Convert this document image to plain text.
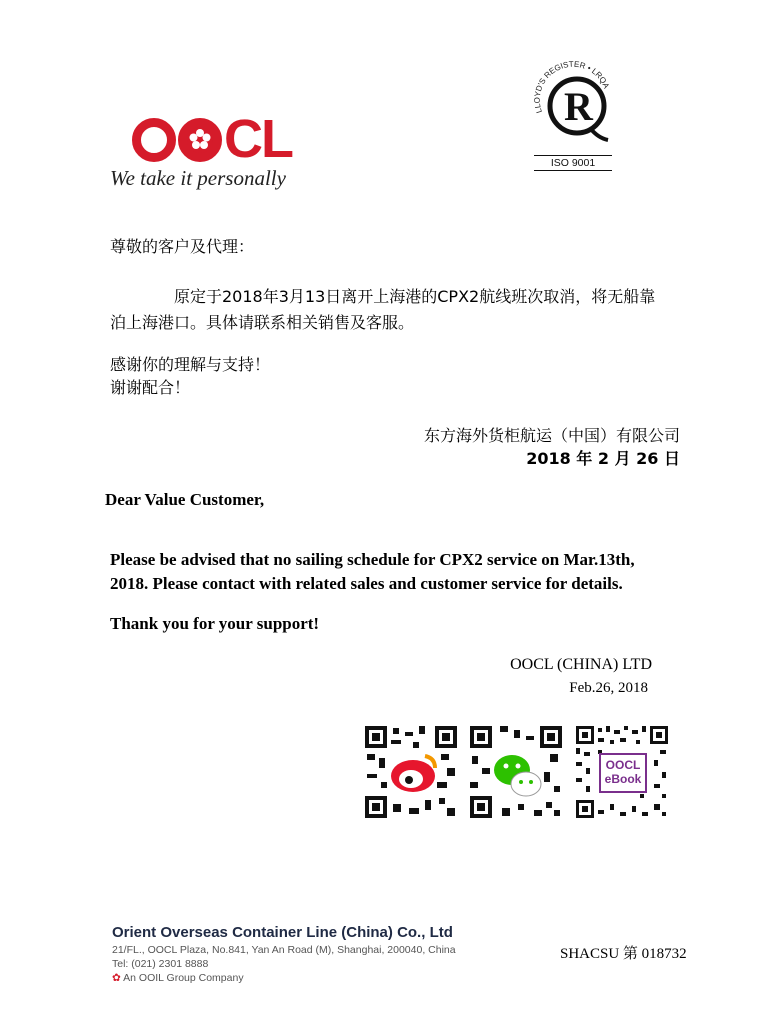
CL
We take it personally
LLOYD'S REGISTER • LRQA
R
ISO 9001
尊敬的客户及代理：
原定于2018年3月13日离开上海港的CPX2航线班次取消，将无船靠
泊上海港口。具体请联系相关销售及客服。
感谢你的理解与支持！
谢谢配合！
东方海外货柜航运（中国）有限公司
2018 年 2 月 26 日
Dear Value Customer,
Please be advised that no sailing schedule for CPX2 service on Mar.13th,
2018. Please contact with related sales and customer service for details.
Thank you for your support!
OOCL (CHINA) LTD
Feb.26, 2018
OOCL
eBook
Orient Overseas Container Line (China) Co., Ltd
21/FL., OOCL Plaza, No.841, Yan An Road (M), Shanghai, 200040, China
Tel: (021) 2301 8888
✿ An OOIL Group Company
SHACSU 第 018732
